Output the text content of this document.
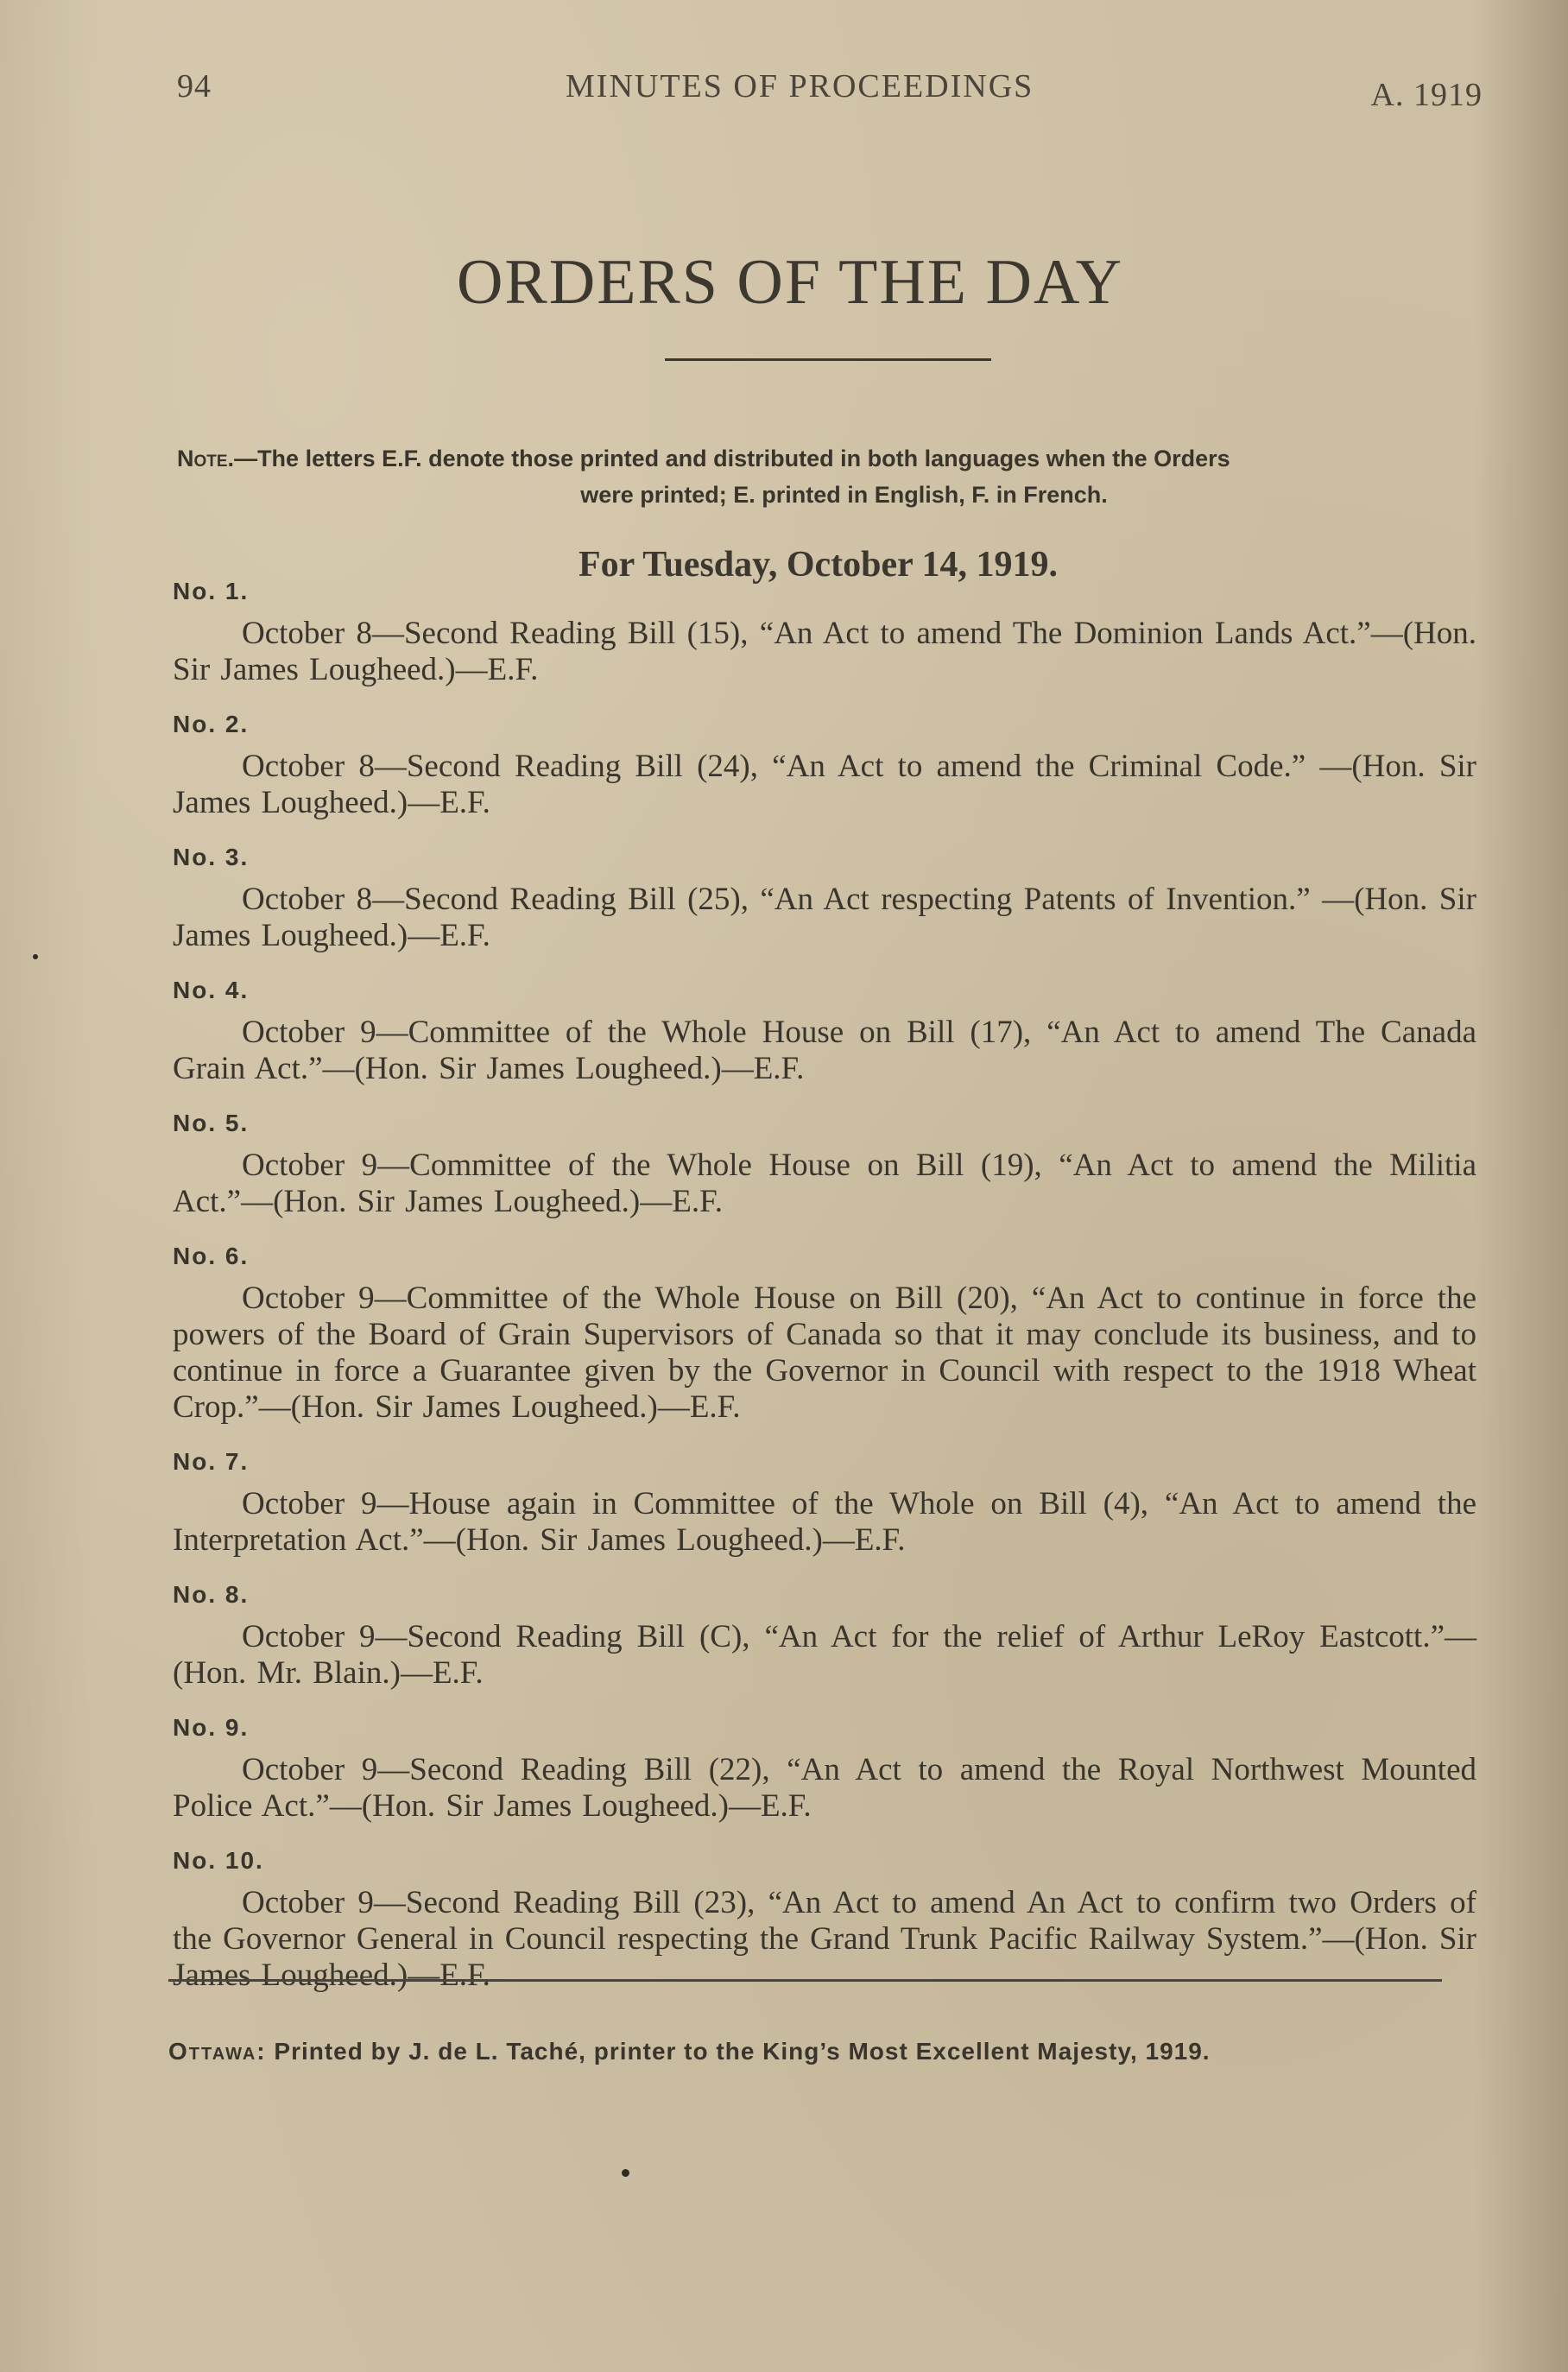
94	MINUTES OF PROCEEDINGS	A. 1919
ORDERS OF THE DAY
Note.—The letters E.F. denote those printed and distributed in both languages when the Orders
were printed; E. printed in English, F. in French.
For Tuesday, October 14, 1919.
No. 1.
October 8—Second Reading Bill (15), “An Act to amend The Dominion Lands Act.”—(Hon. Sir James Lougheed.)—E.F.
No. 2.
October 8—Second Reading Bill (24), “An Act to amend the Criminal Code.” —(Hon. Sir James Lougheed.)—E.F.
No. 3.
October 8—Second Reading Bill (25), “An Act respecting Patents of Invention.” —(Hon. Sir James Lougheed.)—E.F.
No. 4.
October 9—Committee of the Whole House on Bill (17), “An Act to amend The Canada Grain Act.”—(Hon. Sir James Lougheed.)—E.F.
No. 5.
October 9—Committee of the Whole House on Bill (19), “An Act to amend the Militia Act.”—(Hon. Sir James Lougheed.)—E.F.
No. 6.
October 9—Committee of the Whole House on Bill (20), “An Act to continue in force the powers of the Board of Grain Supervisors of Canada so that it may conclude its business, and to continue in force a Guarantee given by the Governor in Council with respect to the 1918 Wheat Crop.”—(Hon. Sir James Lougheed.)—E.F.
No. 7.
October 9—House again in Committee of the Whole on Bill (4), “An Act to amend the Interpretation Act.”—(Hon. Sir James Lougheed.)—E.F.
No. 8.
October 9—Second Reading Bill (C), “An Act for the relief of Arthur LeRoy Eastcott.”—(Hon. Mr. Blain.)—E.F.
No. 9.
October 9—Second Reading Bill (22), “An Act to amend the Royal Northwest Mounted Police Act.”—(Hon. Sir James Lougheed.)—E.F.
No. 10.
October 9—Second Reading Bill (23), “An Act to amend An Act to confirm two Orders of the Governor General in Council respecting the Grand Trunk Pacific Railway System.”—(Hon. Sir James Lougheed.)—E.F.
Ottawa: Printed by J. de L. Taché, printer to the King’s Most Excellent Majesty, 1919.
